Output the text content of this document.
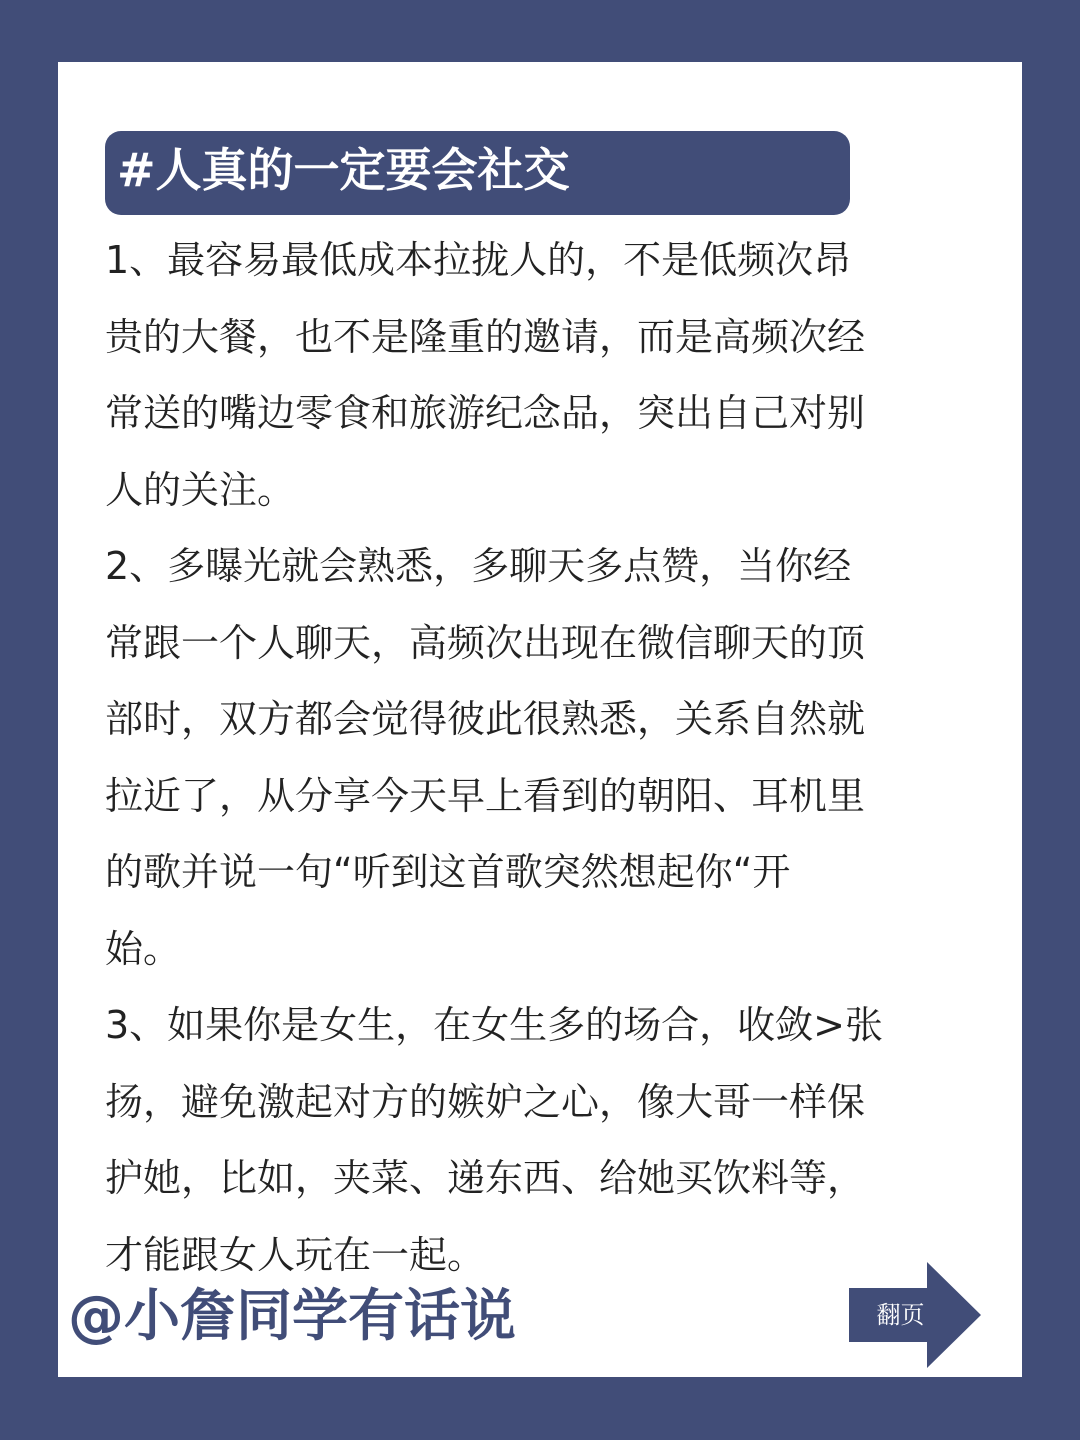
#人真的一定要会社交

1、最容易最低成本拉拢人的，不是低频次昂
贵的大餐，也不是隆重的邀请，而是高频次经
常送的嘴边零食和旅游纪念品，突出自己对别
人的关注。

2、多曝光就会熟悉，多聊天多点赞，当你经
常跟一个人聊天，高频次出现在微信聊天的顶
部时，双方都会觉得彼此很熟悉，关系自然就
拉近了，从分享今天早上看到的朝阳、耳机里
的歌并说一句“听到这首歌突然想起你“开
始。

3、如果你是女生，在女生多的场合，收敛>张
扬，避免激起对方的嫉妒之心，像大哥一样保
护她，比如，夹菜、递东西、给她买饮料等，
才能跟女人玩在一起。

@小詹同学有话说	翻页
